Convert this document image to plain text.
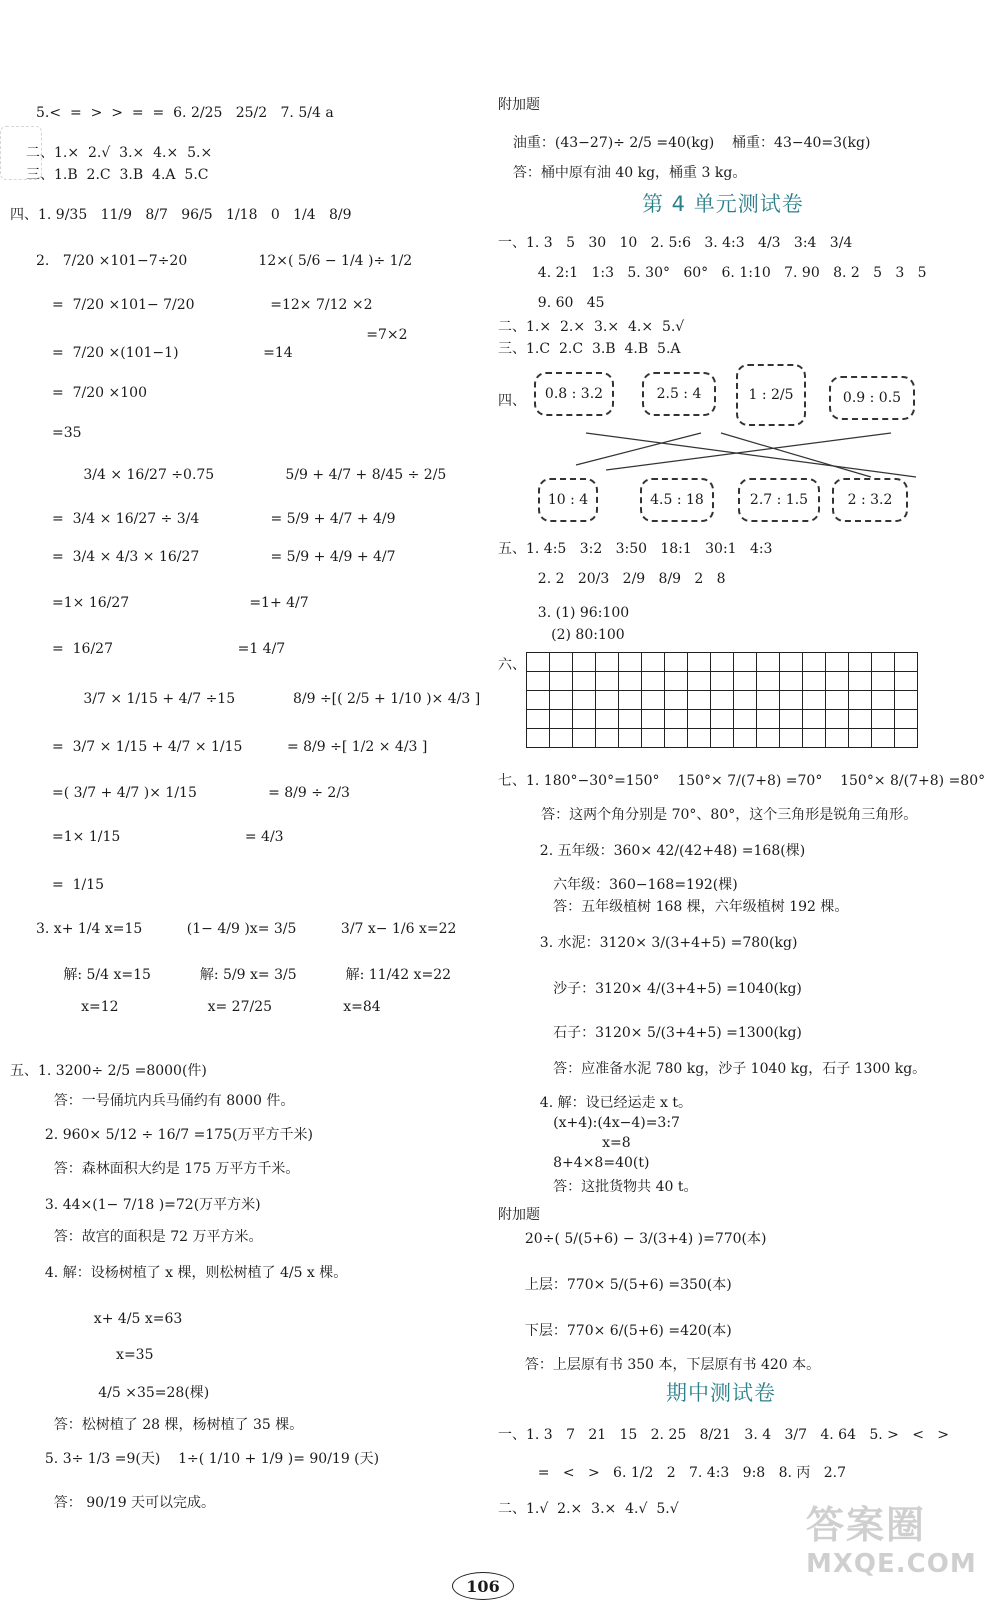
5.<  =  >  >  =  =  6. 2/25   25/2   7. 5/4 a
二、1.×  2.√  3.×  4.×  5.×
三、1.B  2.C  3.B  4.A  5.C
四、1. 9/35   11/9   8/7   96/5   1/18   0   1/4   8/9
2.   7/20 ×101−7÷20                12×( 5/6 − 1/4 )÷ 1/2
=  7/20 ×101− 7/20                 =12× 7/12 ×2
=7×2
=  7/20 ×(101−1)                   =14
=  7/20 ×100
=35
3/4 × 16/27 ÷0.75                5/9 + 4/7 + 8/45 ÷ 2/5
=  3/4 × 16/27 ÷ 3/4                = 5/9 + 4/7 + 4/9
=  3/4 × 4/3 × 16/27                = 5/9 + 4/9 + 4/7
=1× 16/27                           =1+ 4/7
=  16/27                            =1 4/7
3/7 × 1/15 + 4/7 ÷15             8/9 ÷[( 2/5 + 1/10 )× 4/3 ]
=  3/7 × 1/15 + 4/7 × 1/15          = 8/9 ÷[ 1/2 × 4/3 ]
=( 3/7 + 4/7 )× 1/15                = 8/9 ÷ 2/3
=1× 1/15                            = 4/3
=  1/15
3. x+ 1/4 x=15          (1− 4/9 )x= 3/5          3/7 x− 1/6 x=22
解: 5/4 x=15           解: 5/9 x= 3/5           解: 11/42 x=22
x=12                    x= 27/25                x=84
五、1. 3200÷ 2/5 =8000(件)
答：一号俑坑内兵马俑约有 8000 件。
2. 960× 5/12 ÷ 16/7 =175(万平方千米)
答：森林面积大约是 175 万平方千米。
3. 44×(1− 7/18 )=72(万平方米)
答：故宫的面积是 72 万平方米。
4. 解：设杨树植了 x 棵，则松树植了 4/5 x 棵。
x+ 4/5 x=63
x=35
4/5 ×35=28(棵)
答：松树植了 28 棵，杨树植了 35 棵。
5. 3÷ 1/3 =9(天)    1÷( 1/10 + 1/9 )= 90/19 (天)
答： 90/19 天可以完成。
第 4 单元测试卷
期中测试卷
0.8 : 3.2	2.5 : 4	1 : 2/5	0.9 : 0.5
10 : 4	4.5 : 18	2.7 : 1.5	2 : 3.2

附加题
油重：(43−27)÷ 2/5 =40(kg)    桶重：43−40=3(kg)
答：桶中原有油 40 kg，桶重 3 kg。
一、1. 3   5   30   10   2. 5:6   3. 4:3   4/3   3:4   3/4
4. 2:1   1:3   5. 30°   60°   6. 1:10   7. 90   8. 2   5   3   5
9. 60   45
二、1.×  2.×  3.×  4.×  5.√
三、1.C  2.C  3.B  4.B  5.A
四、
五、1. 4:5   3:2   3:50   18:1   30:1   4:3
2. 2   20/3   2/9   8/9   2   8
3. (1) 96:100
(2) 80:100
六、
七、1. 180°−30°=150°    150°× 7/(7+8) =70°    150°× 8/(7+8) =80°
答：这两个角分别是 70°、80°，这个三角形是锐角三角形。
2. 五年级：360× 42/(42+48) =168(棵)
六年级：360−168=192(棵)
答：五年级植树 168 棵，六年级植树 192 棵。
3. 水泥：3120× 3/(3+4+5) =780(kg)
沙子：3120× 4/(3+4+5) =1040(kg)
石子：3120× 5/(3+4+5) =1300(kg)
答：应准备水泥 780 kg，沙子 1040 kg，石子 1300 kg。
4. 解：设已经运走 x t。
(x+4):(4x−4)=3:7
x=8
8+4×8=40(t)
答：这批货物共 40 t。
附加题
20÷( 5/(5+6) − 3/(3+4) )=770(本)
上层：770× 5/(5+6) =350(本)
下层：770× 6/(5+6) =420(本)
答：上层原有书 350 本，下层原有书 420 本。
一、1. 3   7   21   15   2. 25   8/21   3. 4   3/7   4. 64   5. >   <   >
=   <   >   6. 1/2   2   7. 4:3   9:8   8. 丙   2.7
二、1.√  2.×  3.×  4.√  5.√
106
答案圈
MXQE.COM
